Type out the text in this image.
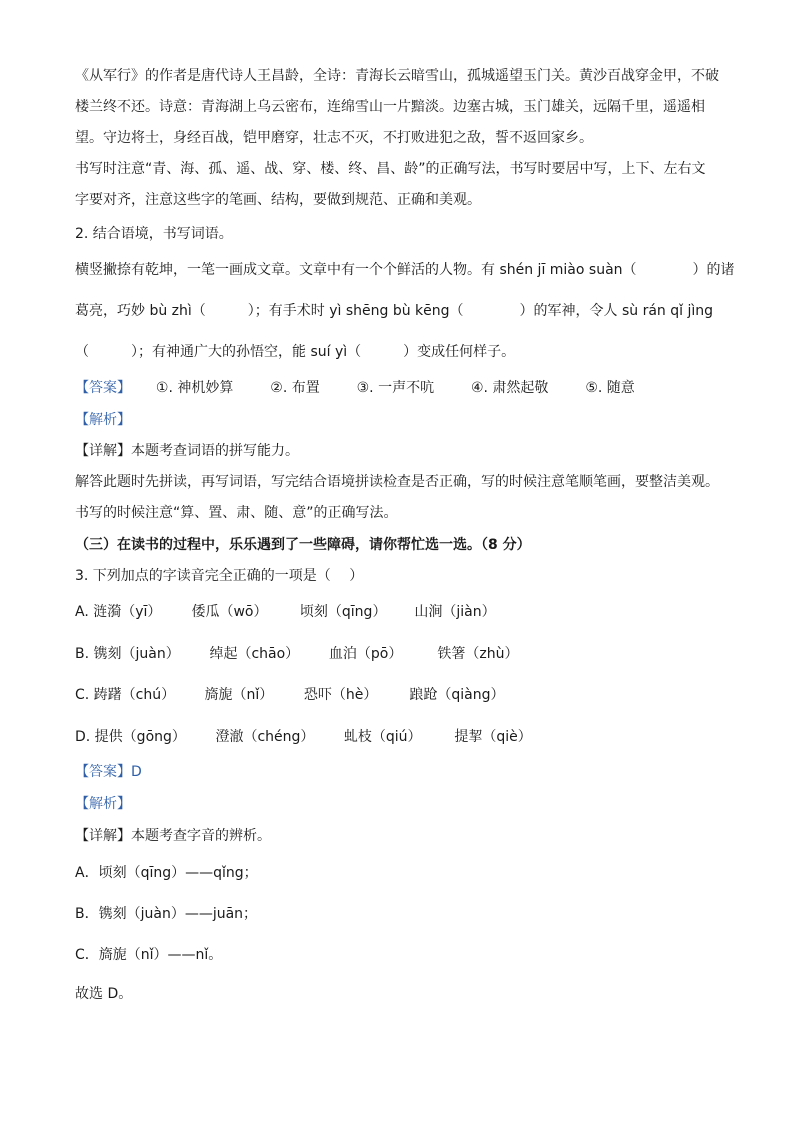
《从军行》的作者是唐代诗人王昌龄，全诗：青海长云暗雪山，孤城遥望玉门关。黄沙百战穿金甲，不破
楼兰终不还。诗意：青海湖上乌云密布，连绵雪山一片黯淡。边塞古城，玉门雄关，远隔千里，遥遥相
望。守边将士，身经百战，铠甲磨穿，壮志不灭，不打败进犯之敌，誓不返回家乡。
书写时注意“青、海、孤、遥、战、穿、楼、终、昌、龄”的正确写法，书写时要居中写，上下、左右文
字要对齐，注意这些字的笔画、结构，要做到规范、正确和美观。
2. 结合语境，书写词语。
横竖撇捺有乾坤，一笔一画成文章。文章中有一个个鲜活的人物。有 shén jī miào suàn（　　　　）的诸
葛亮，巧妙 bù zhì（　　　）；有手术时 yì shēng bù kēng（　　　　）的军神，令人 sù rán qǐ jìng
（　　　）；有神通广大的孙悟空，能 suí yì（　　　）变成任何样子。
【答案】 ①. 神机妙算	②. 布置	③. 一声不吭	④. 肃然起敬	⑤. 随意
【解析】
【详解】本题考查词语的拼写能力。
解答此题时先拼读，再写词语，写完结合语境拼读检查是否正确，写的时候注意笔顺笔画，要整洁美观。
书写的时候注意“算、置、肃、随、意”的正确写法。
（三）在读书的过程中，乐乐遇到了一些障碍，请你帮忙选一选。（8 分）
3. 下列加点的字读音完全正确的一项是（　 ）
A. 涟漪（yī） 倭瓜（wō） 顷刻（qīng） 山涧（jiàn）
B. 镌刻（juàn） 绰起（chāo） 血泊（pō）	铁箸（zhù）
C. 踌躇（chú） 旖旎（nǐ） 恐吓（hè） 踉跄（qiàng）
D. 提供（gōng） 澄澈（chéng） 虬枝（qiú） 提挈（qiè）
【答案】D
【解析】
【详解】本题考查字音的辨析。
A．顷刻（qīng）——qǐng；
B．镌刻（juàn）——juān；
C．旖旎（nǐ）——nǐ。
故选 D。
